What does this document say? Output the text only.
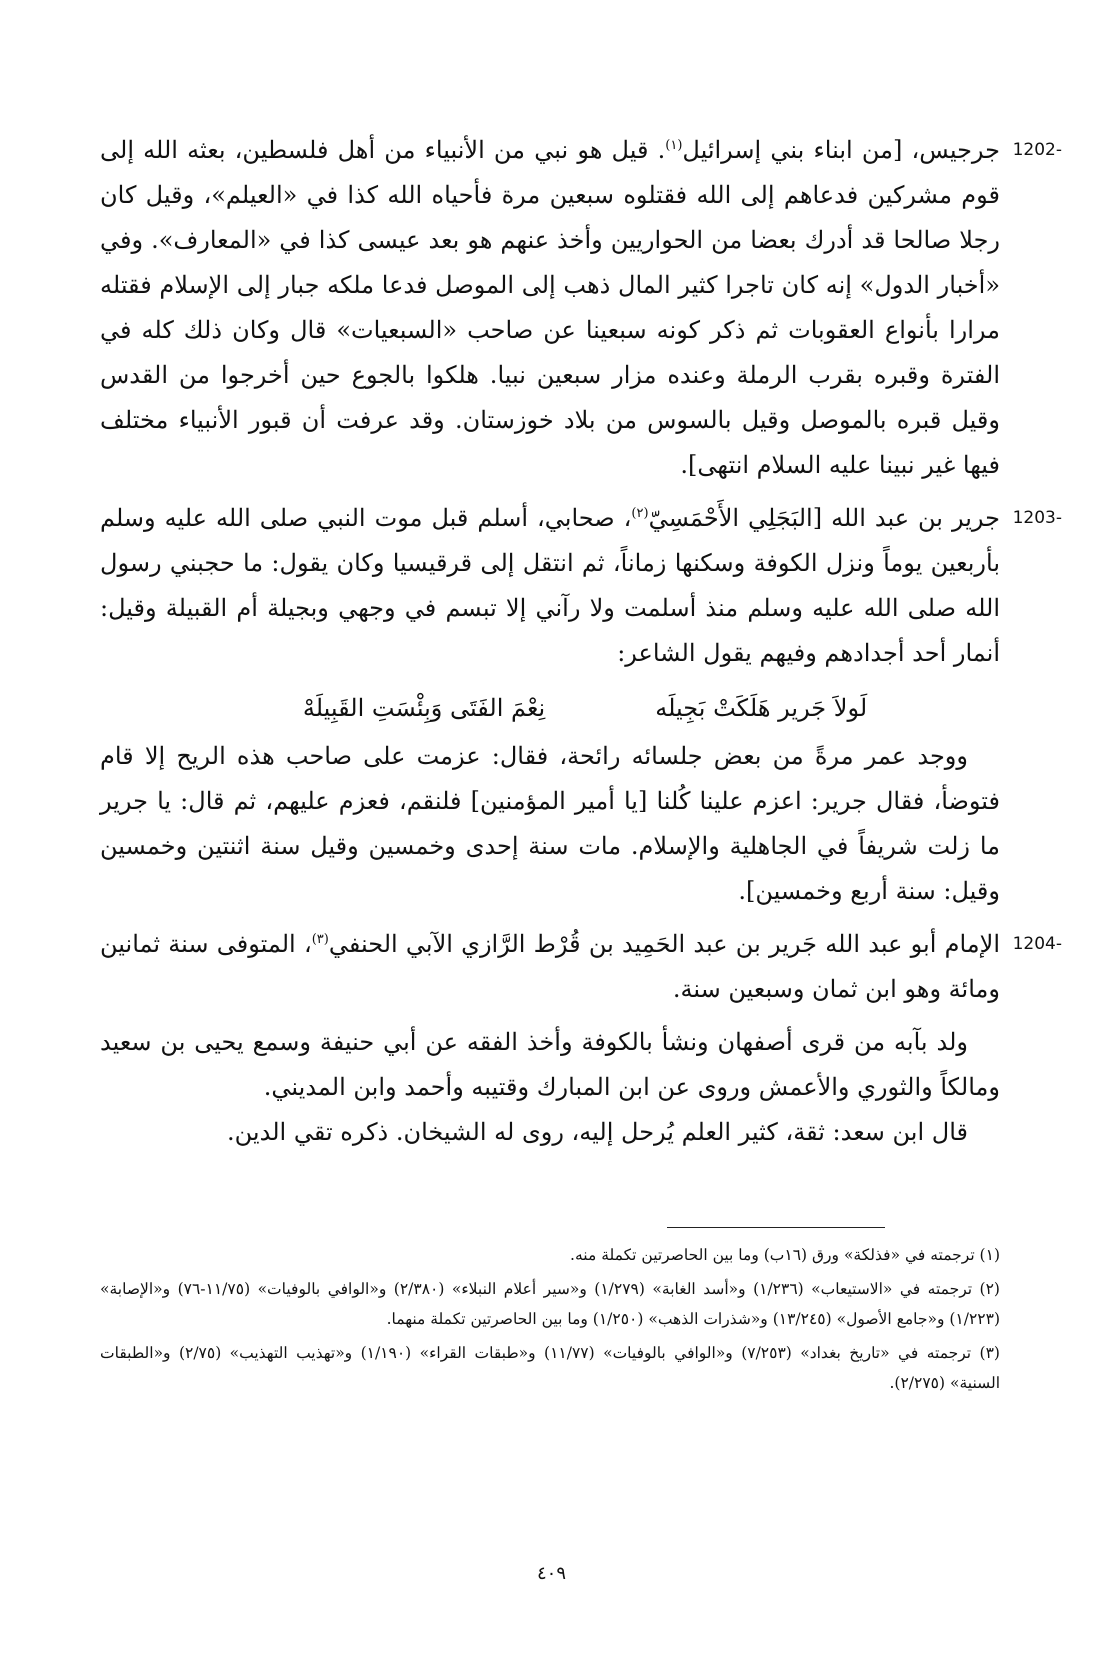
1202-
جرجيس، [من ابناء بني إسرائيل$^{(١)}$. قيل هو نبي من الأنبياء من أهل فلسطين، بعثه الله إلى قوم مشركين فدعاهم إلى الله فقتلوه سبعين مرة فأحياه الله كذا في «العيلم»، وقيل كان رجلا صالحا قد أدرك بعضا من الحواريين وأخذ عنهم هو بعد عيسى كذا في «المعارف». وفي «أخبار الدول» إنه كان تاجرا كثير المال ذهب إلى الموصل فدعا ملكه جبار إلى الإسلام فقتله مرارا بأنواع العقوبات ثم ذكر كونه سبعينا عن صاحب «السبعيات» قال وكان ذلك كله في الفترة وقبره بقرب الرملة وعنده مزار سبعين نبيا. هلكوا بالجوع حين أخرجوا من القدس وقيل قبره بالموصل وقيل بالسوس من بلاد خوزستان. وقد عرفت أن قبور الأنبياء مختلف فيها غير نبينا عليه السلام انتهى].
1203-
جرير بن عبد الله [البَجَلِي الأَحْمَسِيّ$^{(٢)}$، صحابي، أسلم قبل موت النبي صلى الله عليه وسلم بأربعين يوماً ونزل الكوفة وسكنها زماناً، ثم انتقل إلى قرقيسيا وكان يقول: ما حجبني رسول الله صلى الله عليه وسلم منذ أسلمت ولا رآني إلا تبسم في وجهي وبجيلة أم القبيلة وقيل: أنمار أحد أجدادهم وفيهم يقول الشاعر:
لَولاَ جَرير هَلَكَتْ بَجِيلَه
نِعْمَ الفَتَى وَبِئْسَتِ القَبِيلَهْ
ووجد عمر مرةً من بعض جلسائه رائحة، فقال: عزمت على صاحب هذه الريح إلا قام فتوضأ، فقال جرير: اعزم علينا كُلنا [يا أمير المؤمنين] فلنقم، فعزم عليهم، ثم قال: يا جرير ما زلت شريفاً في الجاهلية والإسلام. مات سنة إحدى وخمسين وقيل سنة اثنتين وخمسين وقيل: سنة أربع وخمسين].
1204-
الإمام أبو عبد الله جَرير بن عبد الحَمِيد بن قُرْط الرَّازي الآبي الحنفي$^{(٣)}$، المتوفى سنة ثمانين ومائة وهو ابن ثمان وسبعين سنة.
ولد بآبه من قرى أصفهان ونشأ بالكوفة وأخذ الفقه عن أبي حنيفة وسمع يحيى بن سعيد ومالكاً والثوري والأعمش وروى عن ابن المبارك وقتيبه وأحمد وابن المديني.
قال ابن سعد: ثقة، كثير العلم يُرحل إليه، روى له الشيخان. ذكره تقي الدين.
(١) ترجمته في «فذلكة» ورق (١٦ب) وما بين الحاصرتين تكملة منه.
(٢) ترجمته في «الاستيعاب» (١/٢٣٦) و«أسد الغابة» (١/٢٧٩) و«سير أعلام النبلاء» (٢/٣٨٠) و«الوافي بالوفيات» (١١/٧٥-٧٦) و«الإصابة» (١/٢٢٣) و«جامع الأصول» (١٣/٢٤٥) و«شذرات الذهب» (١/٢٥٠) وما بين الحاصرتين تكملة منهما.
(٣) ترجمته في «تاريخ بغداد» (٧/٢٥٣) و«الوافي بالوفيات» (١١/٧٧) و«طبقات القراء» (١/١٩٠) و«تهذيب التهذيب» (٢/٧٥) و«الطبقات السنية» (٢/٢٧٥).
٤٠٩
